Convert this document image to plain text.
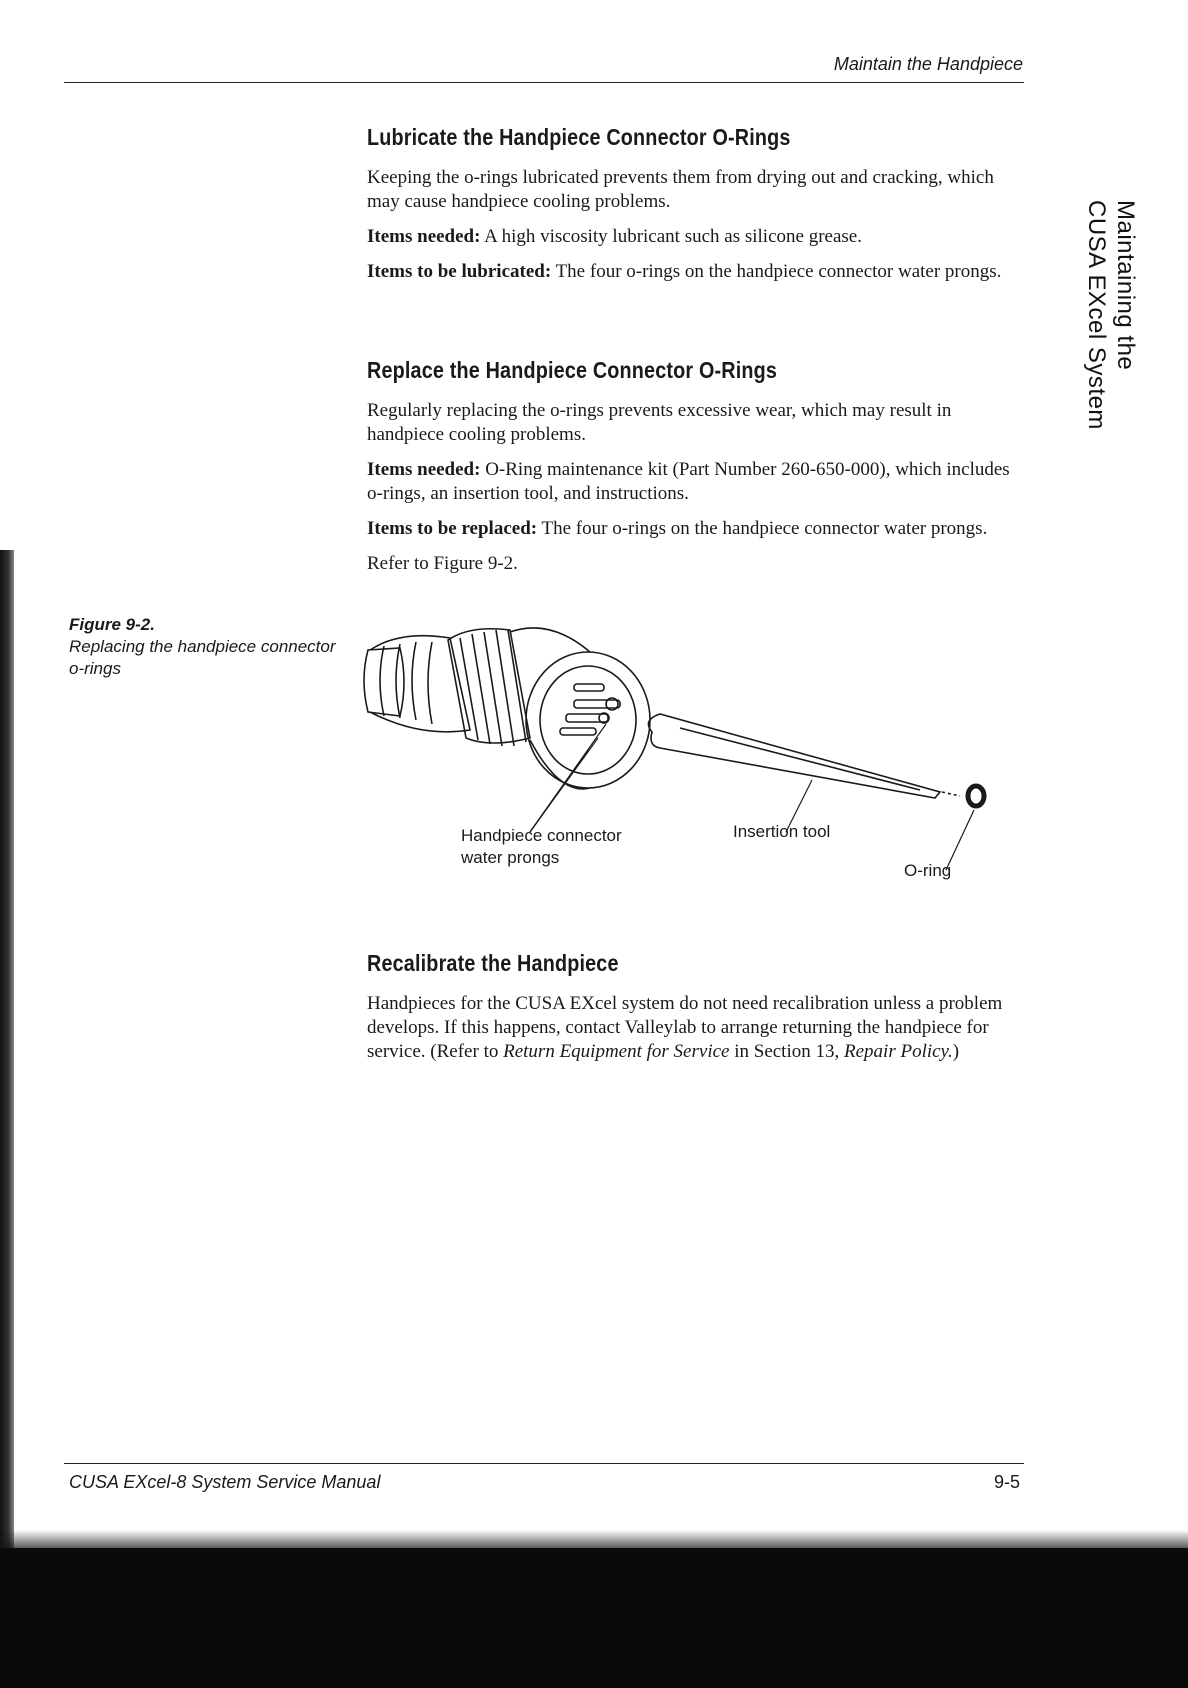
Maintain the Handpiece
Maintaining the
CUSA EXcel System
Lubricate the Handpiece Connector O-Rings

Keeping the o-rings lubricated prevents them from drying out and cracking, which may cause handpiece cooling problems.

Items needed: A high viscosity lubricant such as silicone grease.

Items to be lubricated: The four o-rings on the handpiece connector water prongs.

Replace the Handpiece Connector O-Rings

Regularly replacing the o-rings prevents excessive wear, which may result in handpiece cooling problems.

Items needed: O-Ring maintenance kit (Part Number 260-650-000), which includes o-rings, an insertion tool, and instructions.

Items to be replaced: The four o-rings on the handpiece connector water prongs.

Refer to Figure 9-2.

Figure 9-2.
Replacing the handpiece connector o-rings
Handpiece connector
water prongs
Insertion tool
O-ring
Recalibrate the Handpiece

Handpieces for the CUSA EXcel system do not need recalibration unless a problem develops. If this happens, contact Valleylab to arrange returning the handpiece for service. (Refer to Return Equipment for Service in Section 13, Repair Policy.)

CUSA EXcel-8 System Service Manual	9-5
